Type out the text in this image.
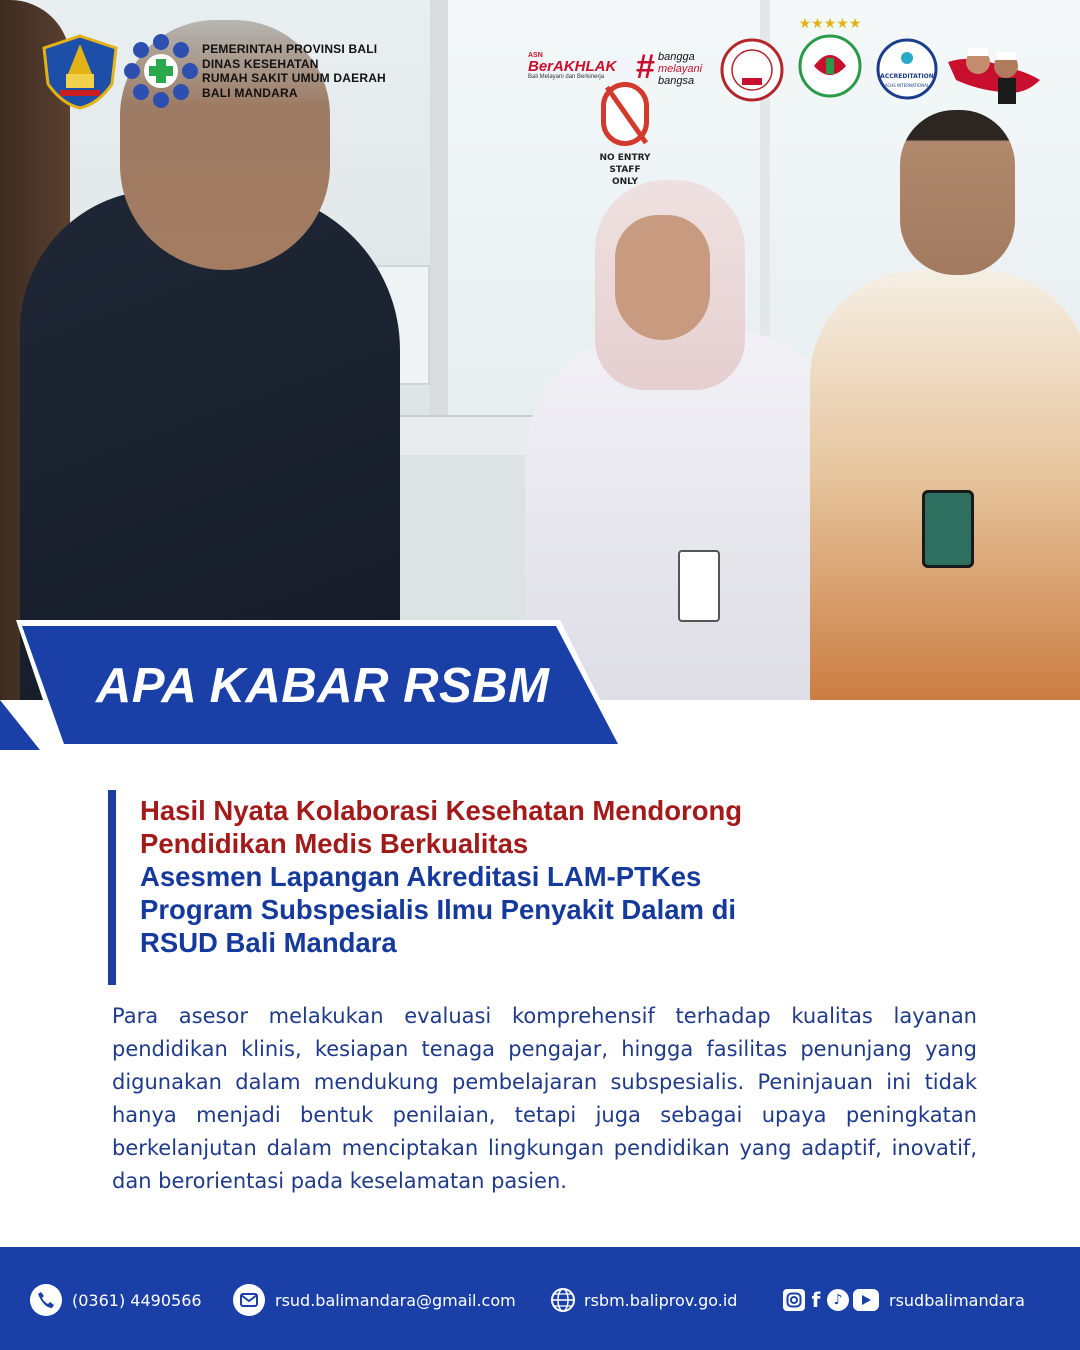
NO ENTRY
STAFF
ONLY
PEMERINTAH PROVINSI BALI
DINAS KESEHATAN
RUMAH SAKIT UMUM DAERAH
BALI MANDARA
ASN
BerAKHLAK
Bali Melayani dan Berkinerja # bangga
melayani
bangsa
★★★★★
ACCREDITATION
ACHS INTERNATIONAL
APA KABAR RSBM
Hasil Nyata Kolaborasi Kesehatan Mendorong
Pendidikan Medis Berkualitas
Asesmen Lapangan Akreditasi LAM-PTKes
Program Subspesialis Ilmu Penyakit Dalam di
RSUD Bali Mandara

Para asesor melakukan evaluasi komprehensif terhadap kualitas layanan pendidikan klinis, kesiapan tenaga pengajar, hingga fasilitas penunjang yang digunakan dalam mendukung pembelajaran subspesialis. Peninjauan ini tidak hanya menjadi bentuk penilaian, tetapi juga sebagai upaya peningkatan berkelanjutan dalam menciptakan lingkungan pendidikan yang adaptif, inovatif, dan berorientasi pada keselamatan pasien.

(0361) 4490566	rsud.balimandara@gmail.com	rsbm.baliprov.go.id	f ♪	rsudbalimandara
